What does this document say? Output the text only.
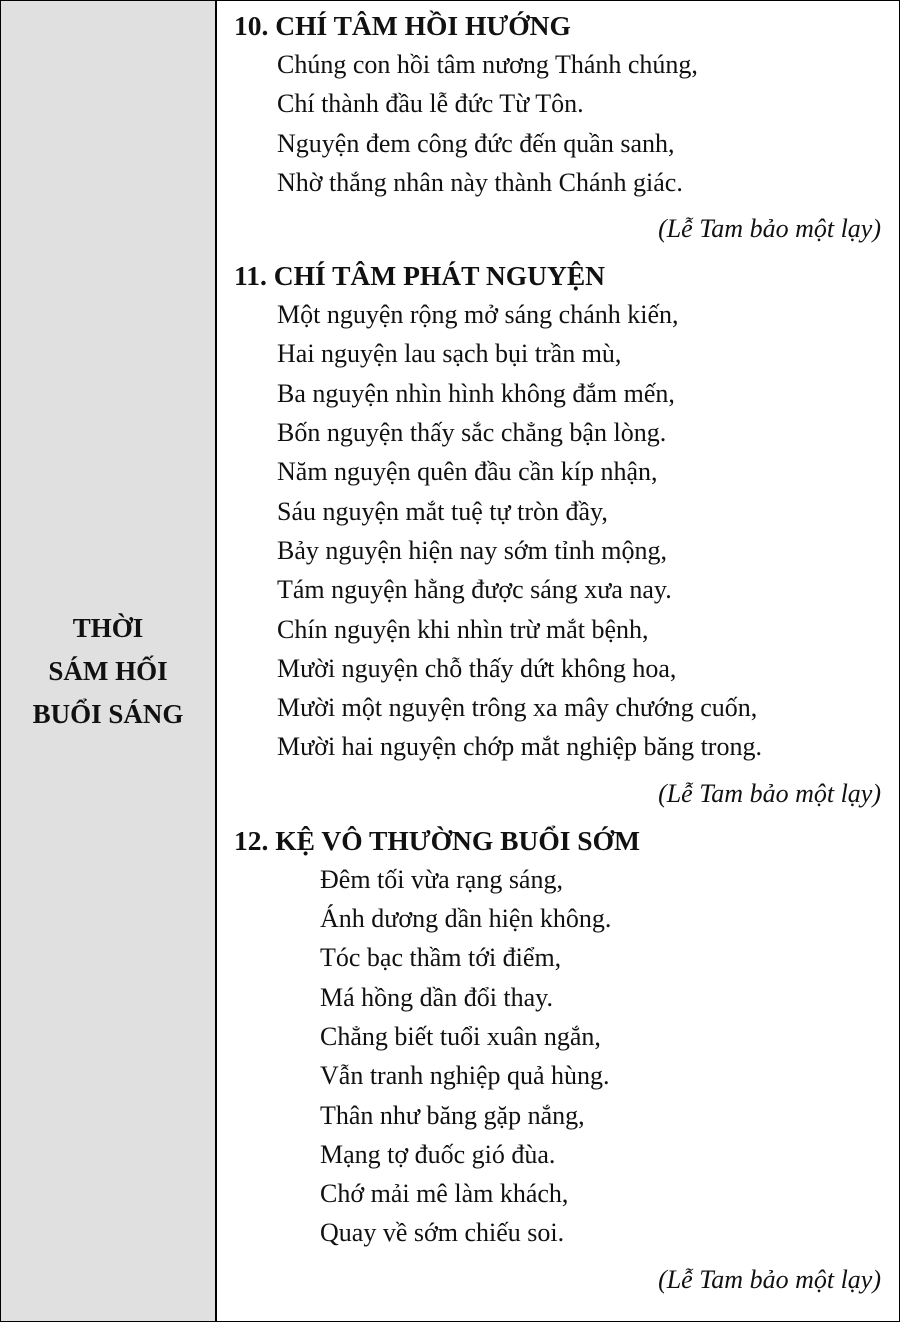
THỜI
SÁM HỐI
BUỔI SÁNG
10. CHÍ TÂM HỒI HƯỚNG
Chúng con hồi tâm nương Thánh chúng,
Chí thành đầu lễ đức Từ Tôn.
Nguyện đem công đức đến quần sanh,
Nhờ thắng nhân này thành Chánh giác.
(Lễ Tam bảo một lạy)
11. CHÍ TÂM PHÁT NGUYỆN
Một nguyện rộng mở sáng chánh kiến,
Hai nguyện lau sạch bụi trần mù,
Ba nguyện nhìn hình không đắm mến,
Bốn nguyện thấy sắc chẳng bận lòng.
Năm nguyện quên đầu cần kíp nhận,
Sáu nguyện mắt tuệ tự tròn đầy,
Bảy nguyện hiện nay sớm tỉnh mộng,
Tám nguyện hằng được sáng xưa nay.
Chín nguyện khi nhìn trừ mắt bệnh,
Mười nguyện chỗ thấy dứt không hoa,
Mười một nguyện trông xa mây chướng cuốn,
Mười hai nguyện chớp mắt nghiệp băng trong.
(Lễ Tam bảo một lạy)
12. KỆ VÔ THƯỜNG BUỔI SỚM
Đêm tối vừa rạng sáng,
Ánh dương dần hiện không.
Tóc bạc thầm tới điểm,
Má hồng dần đổi thay.
Chẳng biết tuổi xuân ngắn,
Vẫn tranh nghiệp quả hùng.
Thân như băng gặp nắng,
Mạng tợ đuốc gió đùa.
Chớ mải mê làm khách,
Quay về sớm chiếu soi.
(Lễ Tam bảo một lạy)
